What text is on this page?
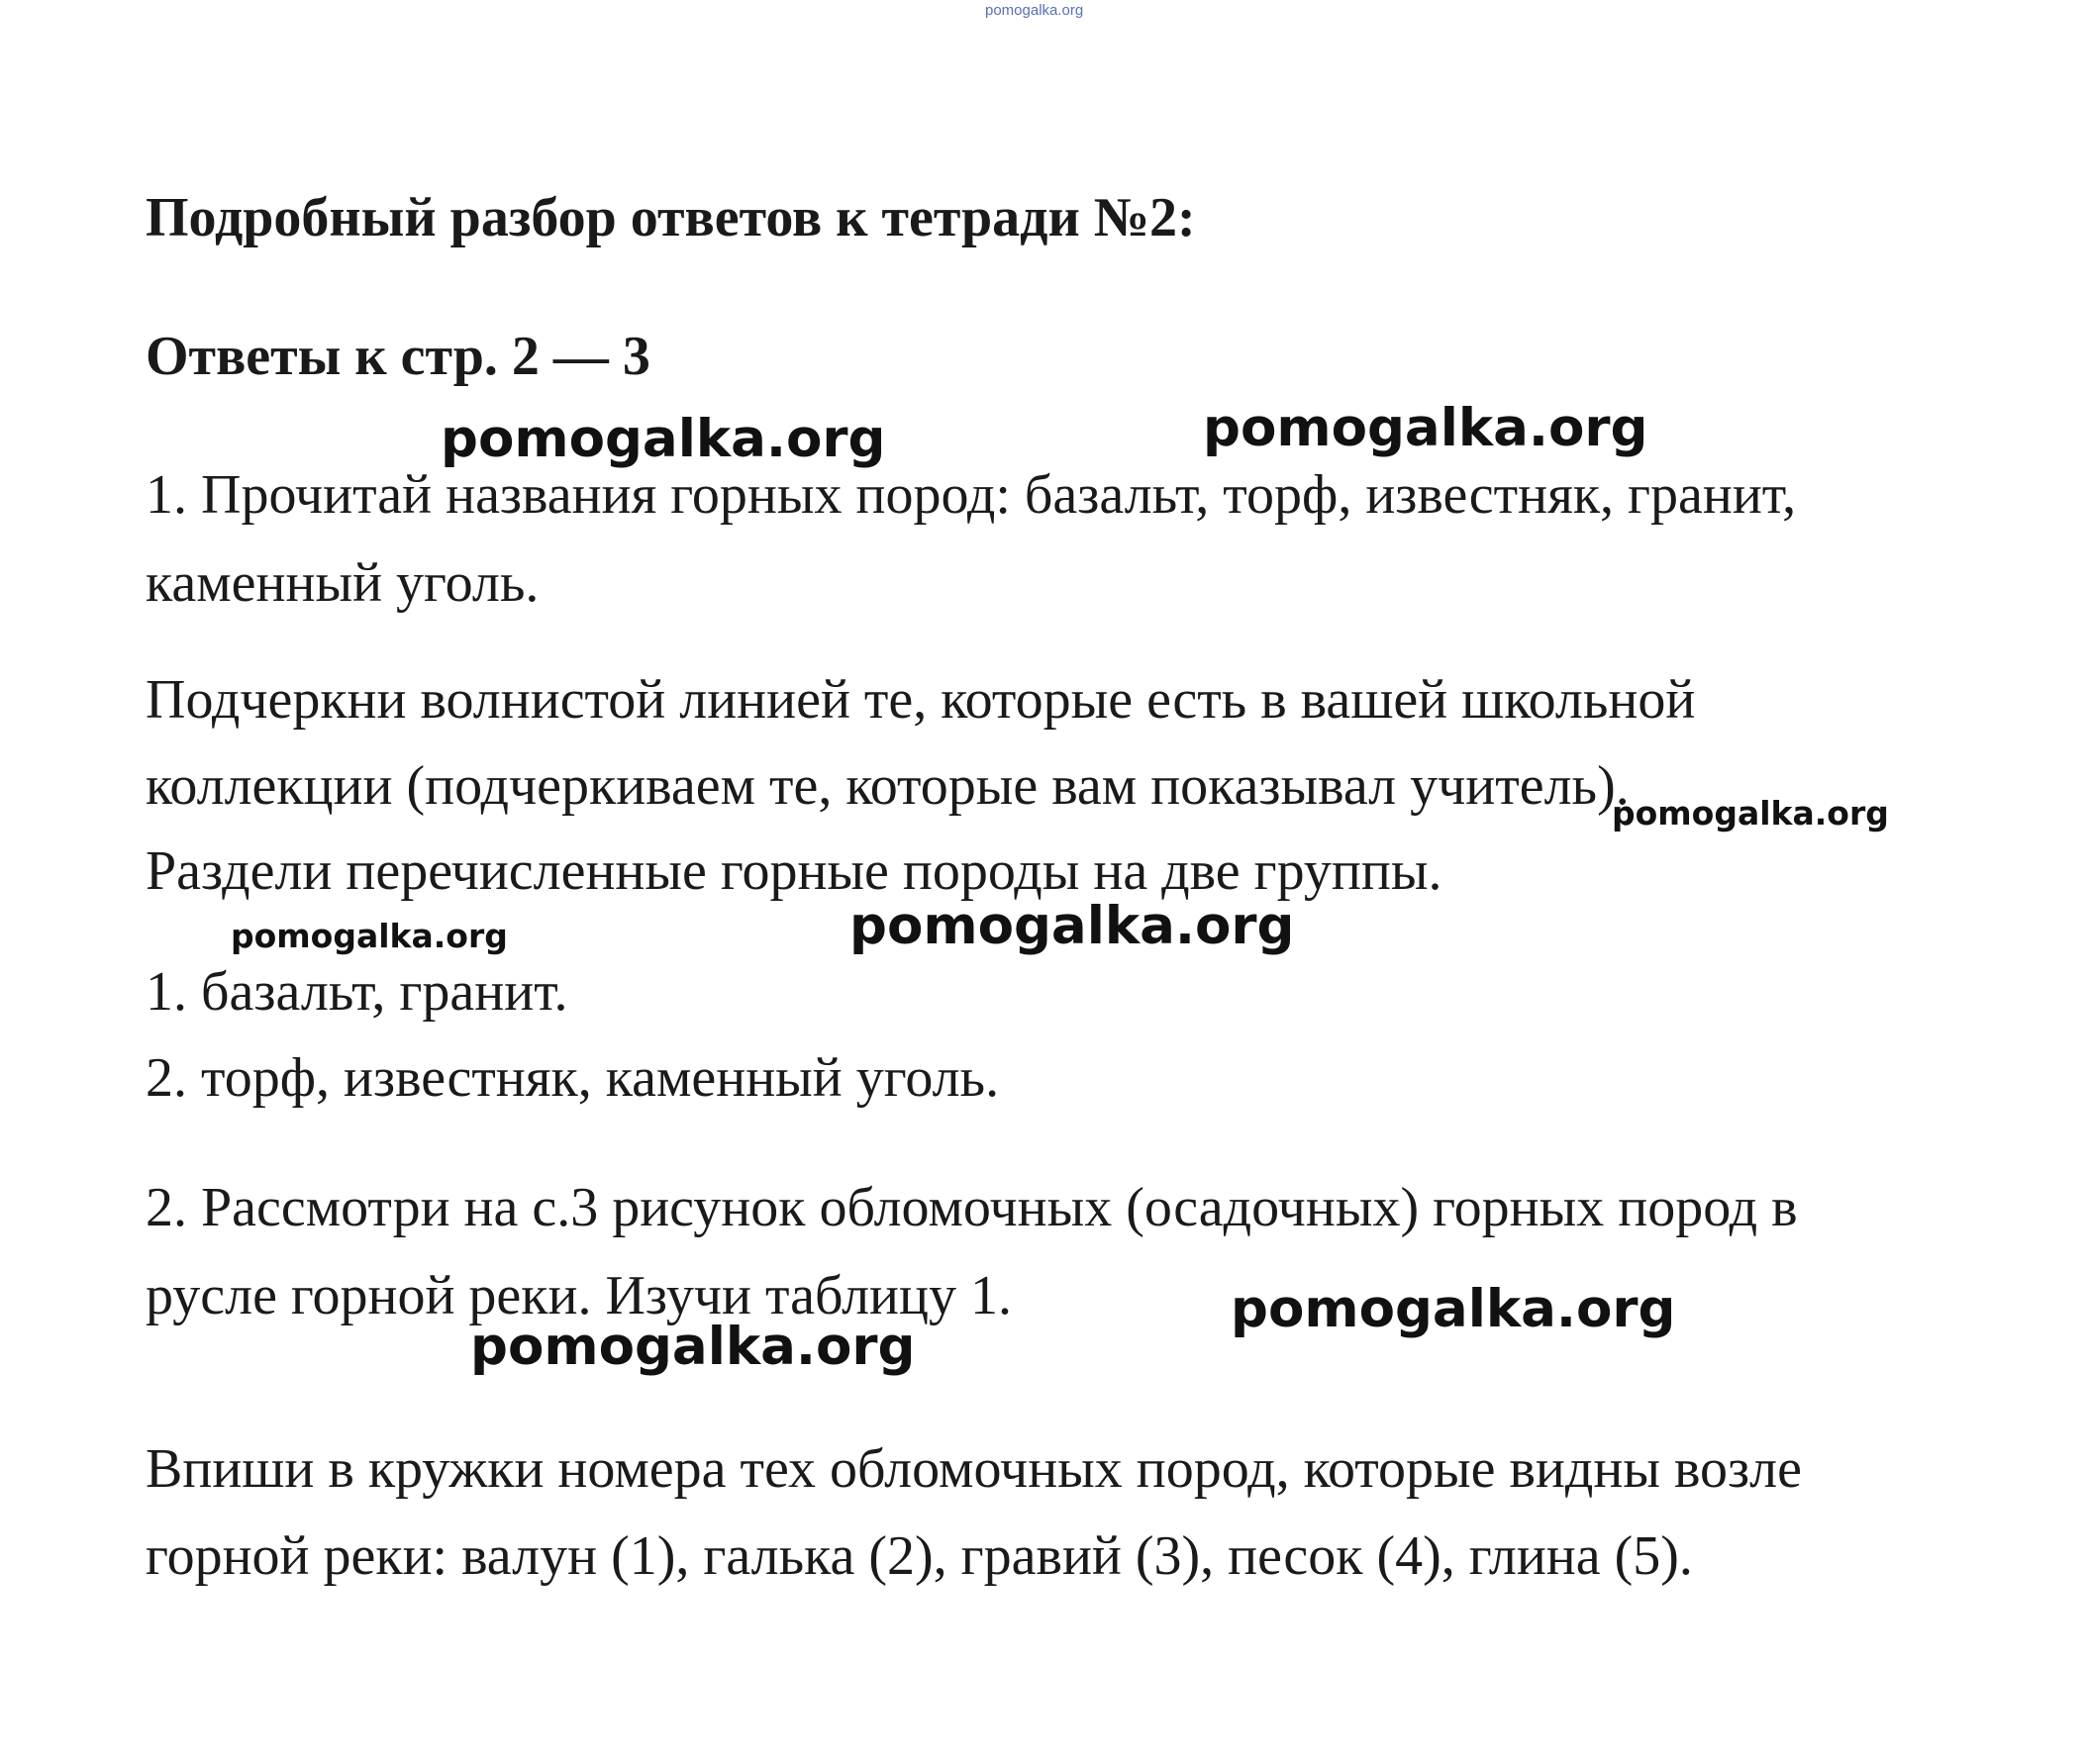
pomogalka.org
Подробный разбор ответов к тетради №2:
Ответы к стр. 2 — 3
1. Прочитай названия горных пород: базальт, торф, известняк, гранит,
каменный уголь.
Подчеркни волнистой линией те, которые есть в вашей школьной
коллекции (подчеркиваем те, которые вам показывал учитель).
Раздели перечисленные горные породы на две группы.
1. базальт, гранит.
2. торф, известняк, каменный уголь.
2. Рассмотри на с.3 рисунок обломочных (осадочных) горных пород в
русле горной реки. Изучи таблицу 1.
Впиши в кружки номера тех обломочных пород, которые видны возле
горной реки: валун (1), галька (2), гравий (3), песок (4), глина (5).
pomogalka.org	pomogalka.org
pomogalka.org
pomogalka.org	pomogalka.org
pomogalka.org
pomogalka.org
